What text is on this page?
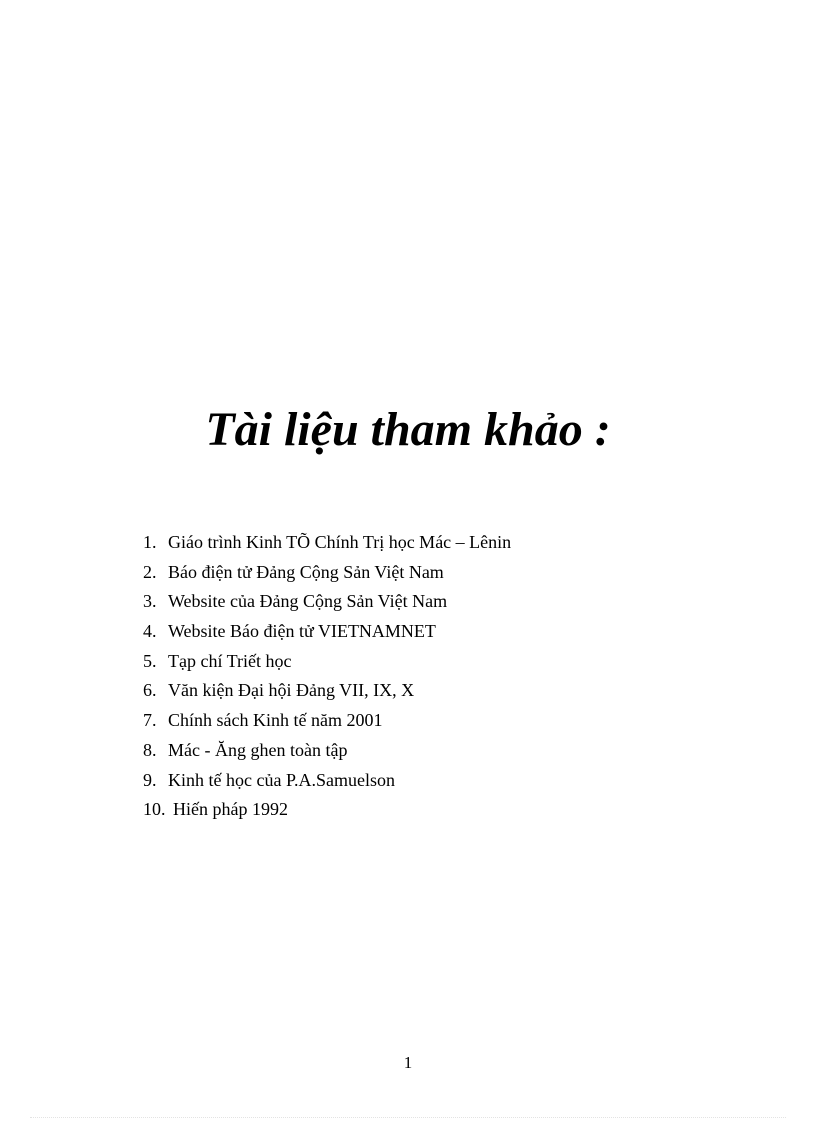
Tài liệu tham khảo :
1. Giáo trình Kinh TÕ Chính Trị học Mác – Lênin
2. Báo điện tử Đảng Cộng Sản Việt Nam
3. Website của Đảng Cộng Sản Việt Nam
4. Website Báo điện tử VIETNAMNET
5. Tạp chí Triết học
6. Văn kiện Đại hội Đảng VII, IX, X
7. Chính sách Kinh tế năm 2001
8. Mác - Ăng ghen toàn tập
9. Kinh tế học của P.A.Samuelson
10. Hiến pháp 1992
1
